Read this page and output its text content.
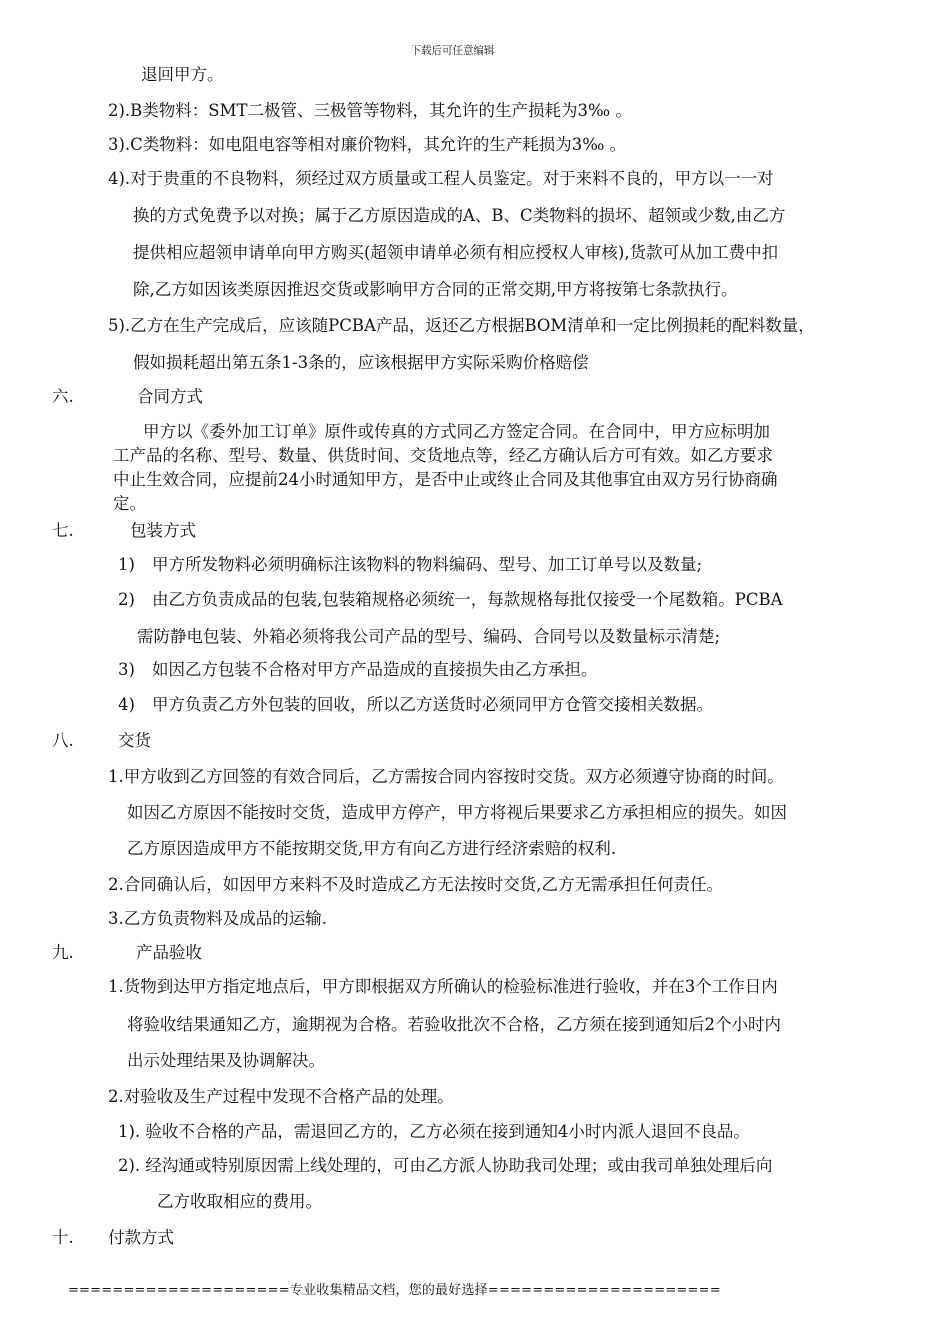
下载后可任意编辑
退回甲方。
2).B类物料：SMT二极管、三极管等物料，其允许的生产损耗为3‰ 。
3).C类物料：如电阻电容等相对廉价物料，其允许的生产耗损为3‰ 。
4).对于贵重的不良物料，须经过双方质量或工程人员鉴定。对于来料不良的，甲方以一一对
换的方式免费予以对换；属于乙方原因造成的A、B、C类物料的损坏、超领或少数,由乙方
提供相应超领申请单向甲方购买(超领申请单必须有相应授权人审核),货款可从加工费中扣
除,乙方如因该类原因推迟交货或影响甲方合同的正常交期,甲方将按第七条款执行。
5).乙方在生产完成后，应该随PCBA产品，返还乙方根据BOM清单和一定比例损耗的配料数量，
假如损耗超出第五条1-3条的，应该根据甲方实际采购价格赔偿
六.	合同方式
甲方以《委外加工订单》原件或传真的方式同乙方签定合同。在合同中，甲方应标明加
工产品的名称、型号、数量、供货时间、交货地点等，经乙方确认后方可有效。如乙方要求
中止生效合同，应提前24小时通知甲方，是否中止或终止合同及其他事宜由双方另行协商确
定。
七.	包装方式
1) 甲方所发物料必须明确标注该物料的物料编码、型号、加工订单号以及数量;
2) 由乙方负责成品的包装,包装箱规格必须统一，每款规格每批仅接受一个尾数箱。PCBA
需防静电包装、外箱必须将我公司产品的型号、编码、合同号以及数量标示清楚;
3) 如因乙方包装不合格对甲方产品造成的直接损失由乙方承担。
4) 甲方负责乙方外包装的回收，所以乙方送货时必须同甲方仓管交接相关数据。
八.	交货
1.甲方收到乙方回签的有效合同后，乙方需按合同内容按时交货。双方必须遵守协商的时间。
如因乙方原因不能按时交货，造成甲方停产，甲方将视后果要求乙方承担相应的损失。如因
乙方原因造成甲方不能按期交货,甲方有向乙方进行经济索赔的权利.
2.合同确认后，如因甲方来料不及时造成乙方无法按时交货,乙方无需承担任何责任。
3.乙方负责物料及成品的运输.
九.	产品验收
1.货物到达甲方指定地点后，甲方即根据双方所确认的检验标准进行验收，并在3个工作日内
将验收结果通知乙方，逾期视为合格。若验收批次不合格，乙方须在接到通知后2个小时内
出示处理结果及协调解决。
2.对验收及生产过程中发现不合格产品的处理。
1). 验收不合格的产品，需退回乙方的，乙方必须在接到通知4小时内派人退回不良品。
2). 经沟通或特别原因需上线处理的，可由乙方派人协助我司处理；或由我司单独处理后向
乙方收取相应的费用。
十. 付款方式
====================专业收集精品文档，您的最好选择=====================
